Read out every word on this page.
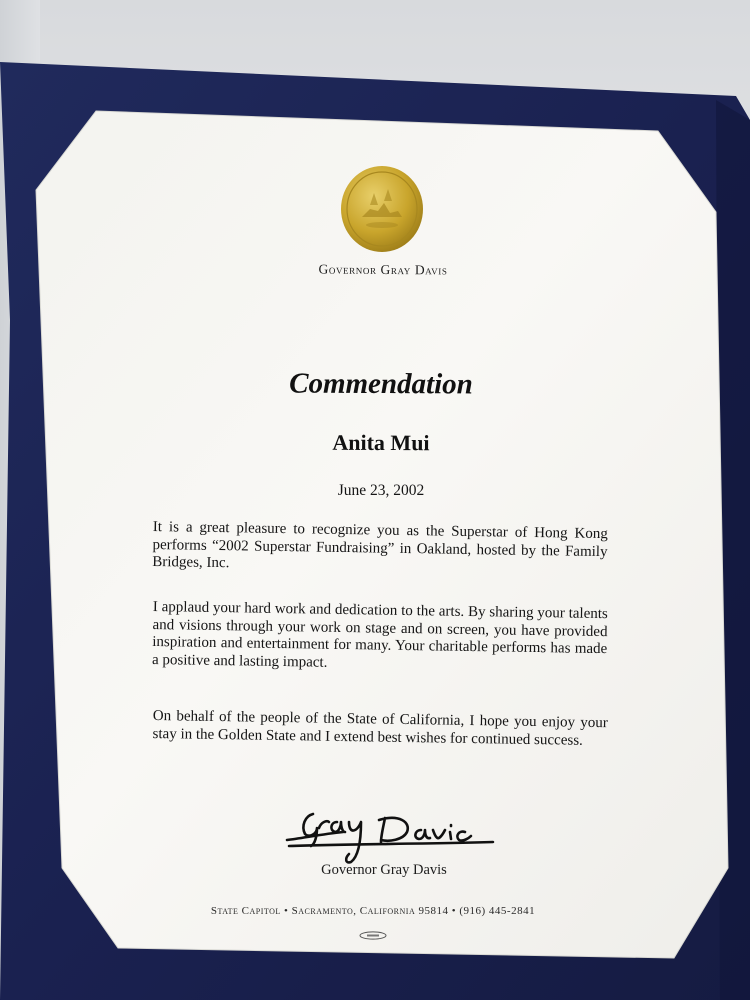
Governor Gray Davis
Commendation
Anita Mui
June 23, 2002
It is a great pleasure to recognize you as the Superstar of Hong Kong performs “2002 Superstar Fundraising” in Oakland, hosted by the Family Bridges, Inc.
I applaud your hard work and dedication to the arts. By sharing your talents and visions through your work on stage and on screen, you have provided inspiration and entertainment for many. Your charitable performs has made a positive and lasting impact.
On behalf of the people of the State of California, I hope you enjoy your stay in the Golden State and I extend best wishes for continued success.
Governor Gray Davis
State Capitol • Sacramento, California 95814 • (916) 445-2841
